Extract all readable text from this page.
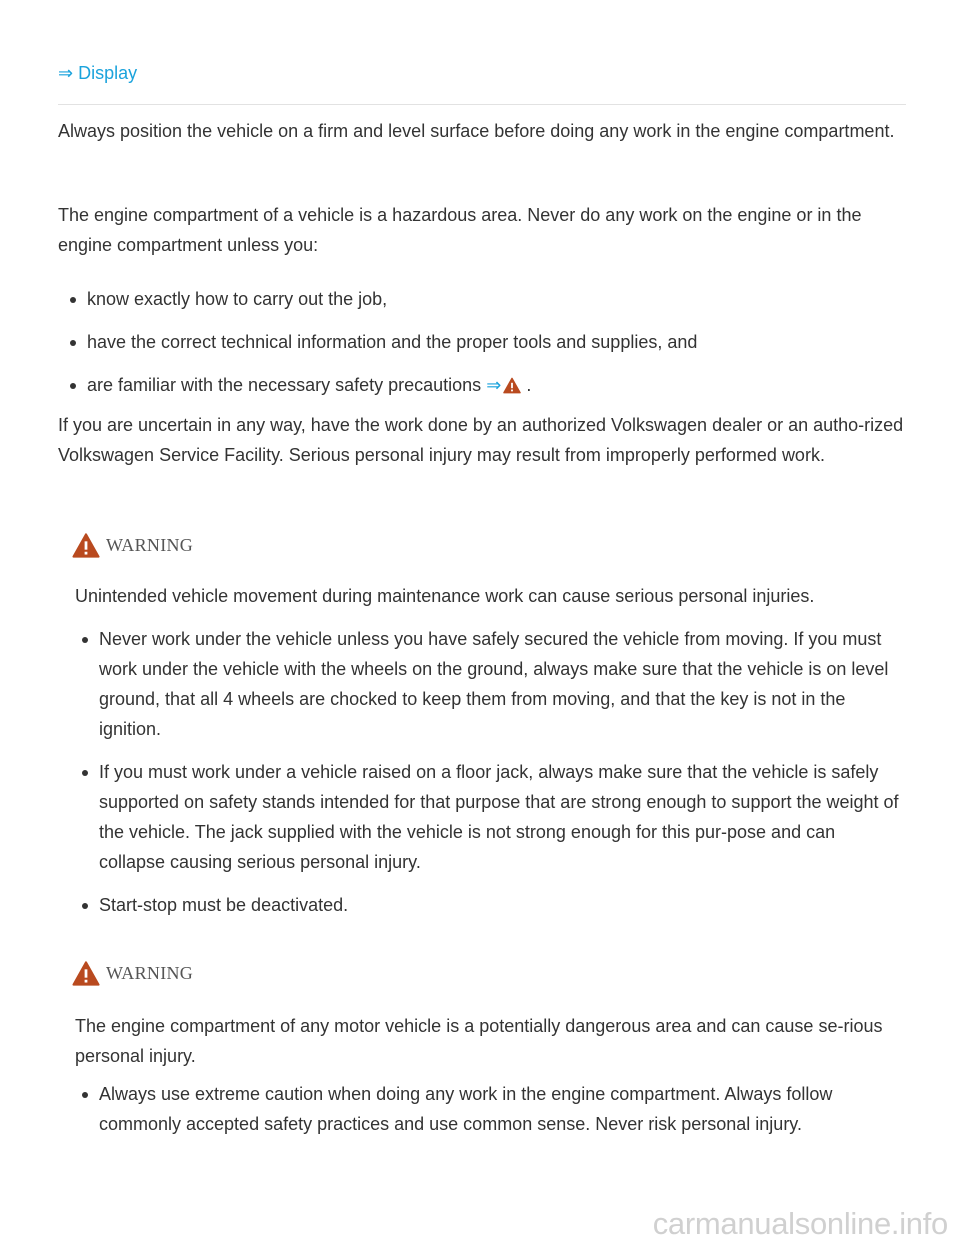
⇒ Display

Always position the vehicle on a firm and level surface before doing any work in the engine compartment.

The engine compartment of a vehicle is a hazardous area. Never do any work on the engine or in the engine compartment unless you:

know exactly how to carry out the job,
have the correct technical information and the proper tools and supplies, and
are familiar with the necessary safety precautions ⇒ .

If you are uncertain in any way, have the work done by an authorized Volkswagen dealer or an autho-rized Volkswagen Service Facility. Serious personal injury may result from improperly performed work.

WARNING

Unintended vehicle movement during maintenance work can cause serious personal injuries.

Never work under the vehicle unless you have safely secured the vehicle from moving. If you must work under the vehicle with the wheels on the ground, always make sure that the vehicle is on level ground, that all 4 wheels are chocked to keep them from moving, and that the key is not in the ignition.
If you must work under a vehicle raised on a floor jack, always make sure that the vehicle is safely supported on safety stands intended for that purpose that are strong enough to support the weight of the vehicle. The jack supplied with the vehicle is not strong enough for this pur-pose and can collapse causing serious personal injury.
Start-stop must be deactivated.
WARNING

The engine compartment of any motor vehicle is a potentially dangerous area and can cause se-rious personal injury.

Always use extreme caution when doing any work in the engine compartment. Always follow commonly accepted safety practices and use common sense. Never risk personal injury.
carmanualsonline.info
